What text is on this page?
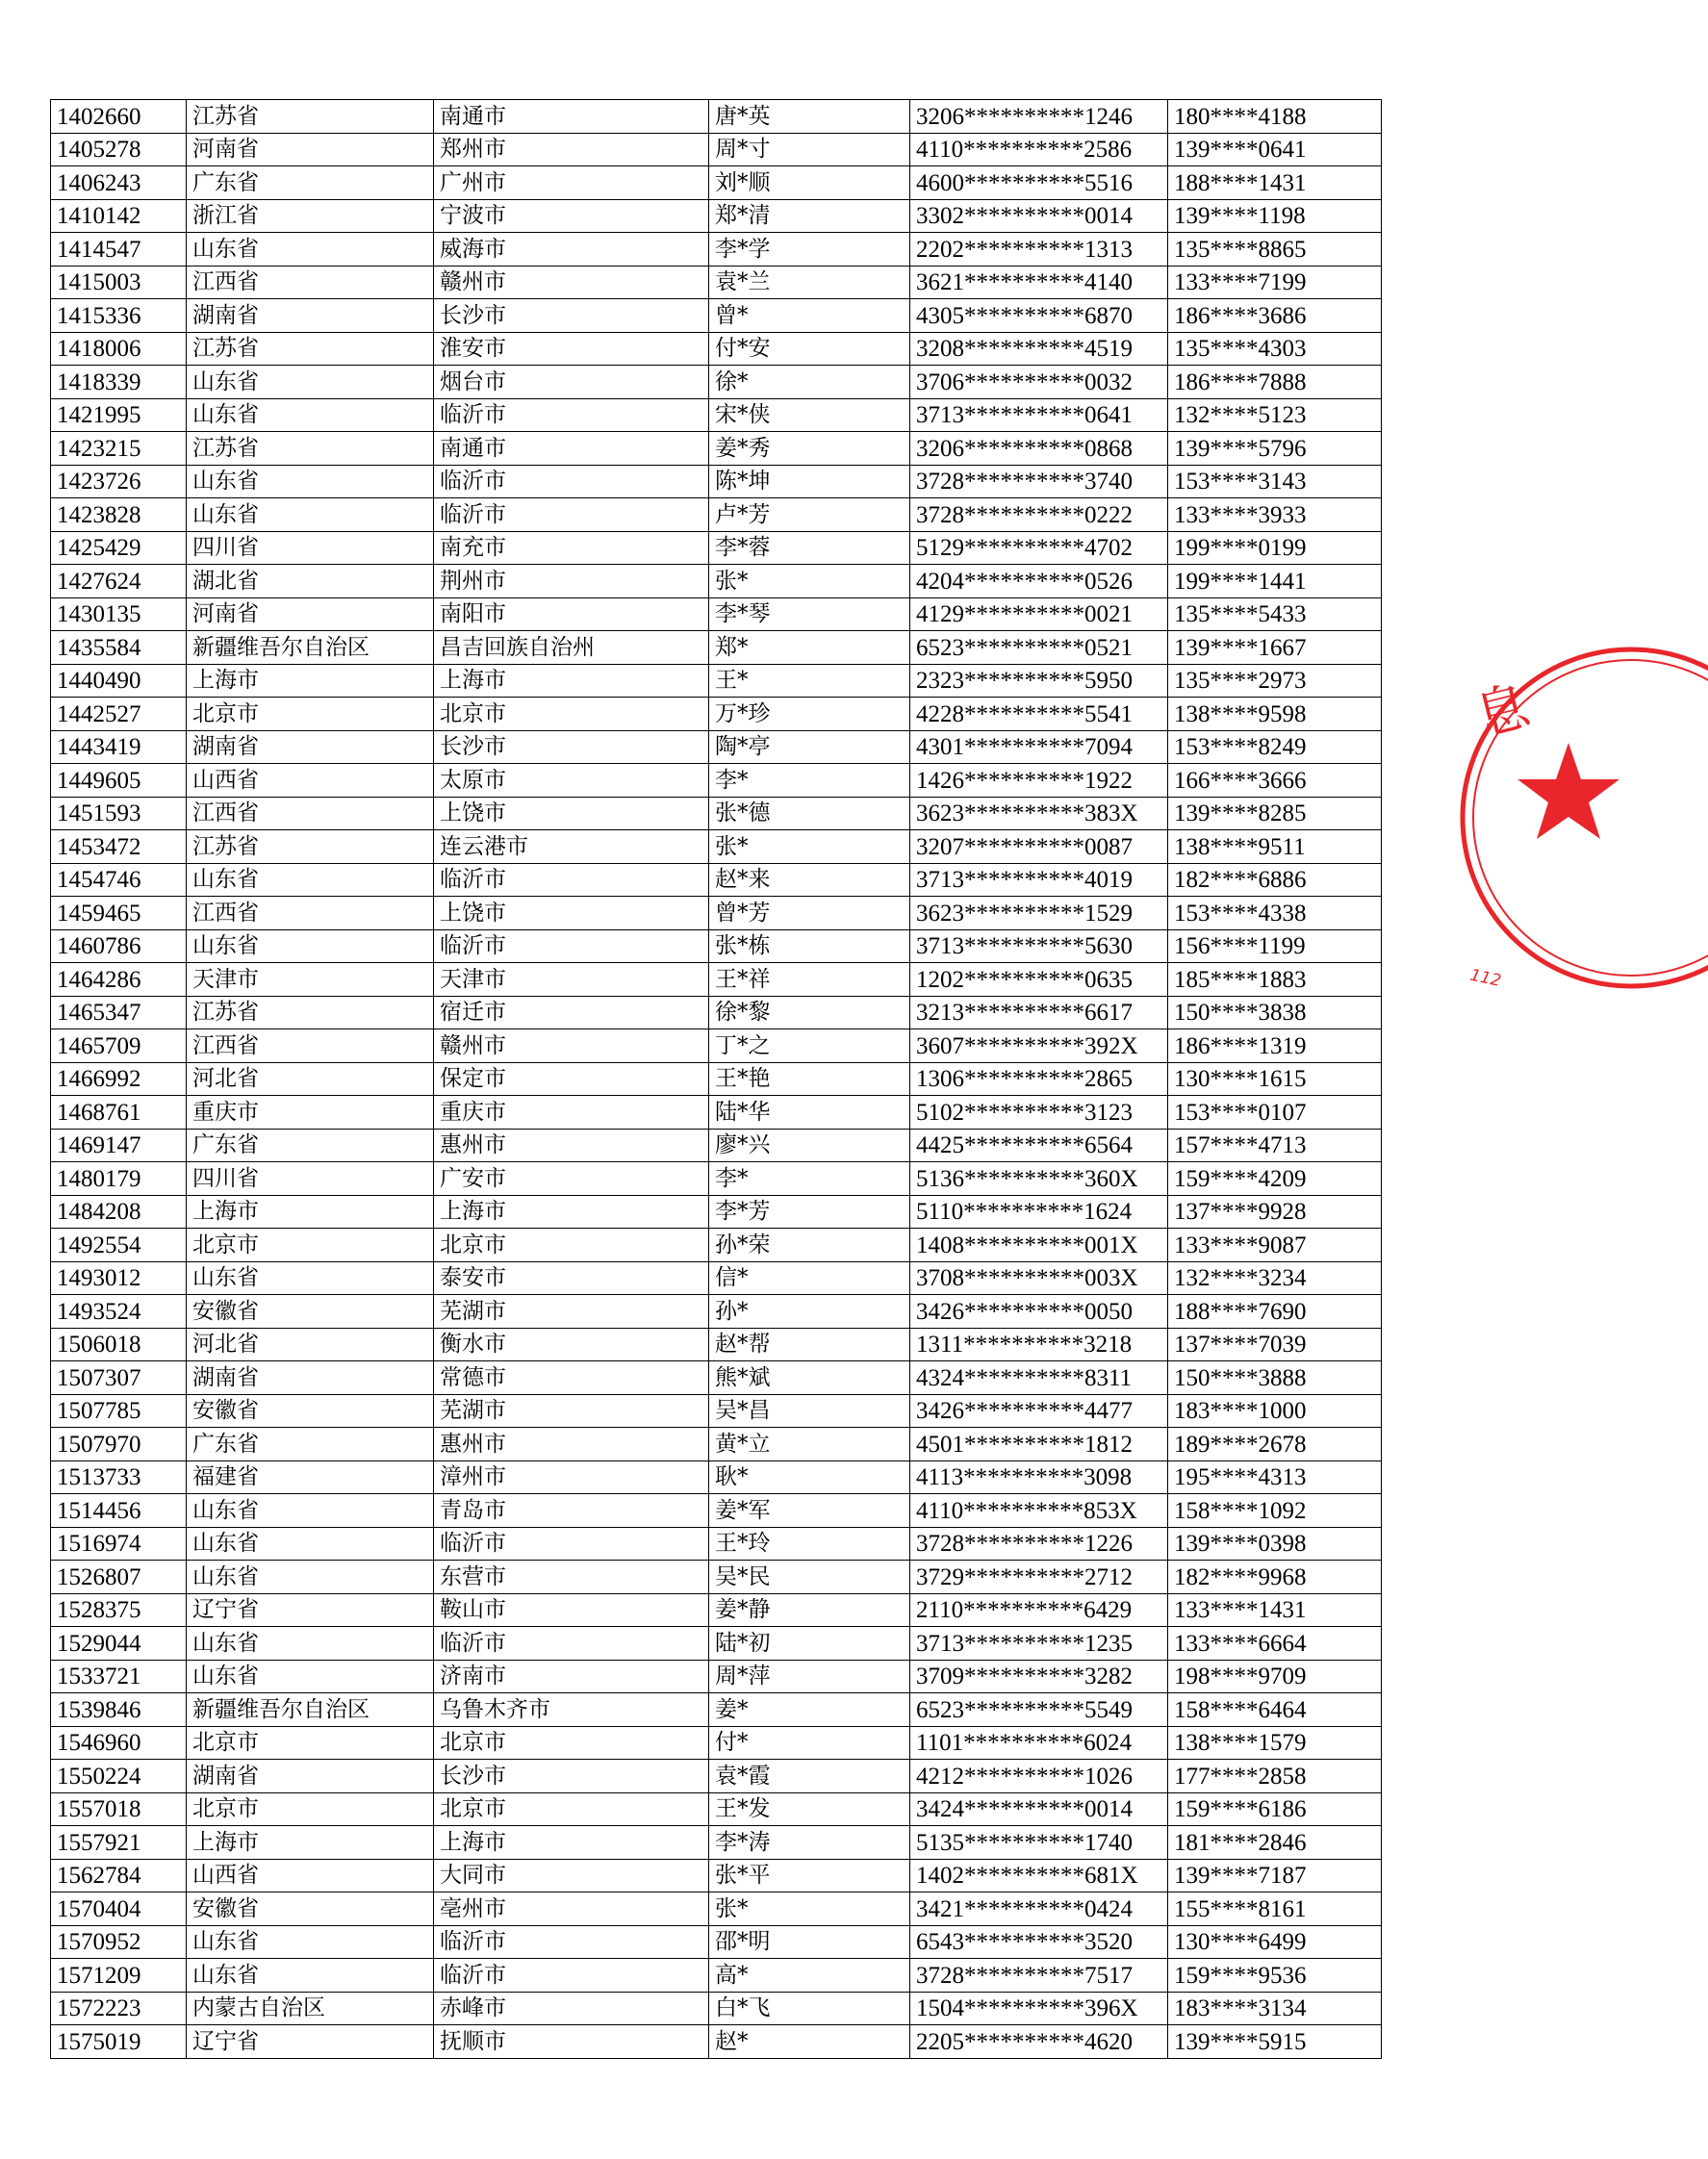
1402660	江苏省	南通市	唐*英	3206**********1246	180****4188
1405278	河南省	郑州市	周*寸	4110**********2586	139****0641
1406243	广东省	广州市	刘*顺	4600**********5516	188****1431
1410142	浙江省	宁波市	郑*清	3302**********0014	139****1198
1414547	山东省	威海市	李*学	2202**********1313	135****8865
1415003	江西省	赣州市	袁*兰	3621**********4140	133****7199
1415336	湖南省	长沙市	曾*	4305**********6870	186****3686
1418006	江苏省	淮安市	付*安	3208**********4519	135****4303
1418339	山东省	烟台市	徐*	3706**********0032	186****7888
1421995	山东省	临沂市	宋*侠	3713**********0641	132****5123
1423215	江苏省	南通市	姜*秀	3206**********0868	139****5796
1423726	山东省	临沂市	陈*坤	3728**********3740	153****3143
1423828	山东省	临沂市	卢*芳	3728**********0222	133****3933
1425429	四川省	南充市	李*蓉	5129**********4702	199****0199
1427624	湖北省	荆州市	张*	4204**********0526	199****1441
1430135	河南省	南阳市	李*琴	4129**********0021	135****5433
1435584	新疆维吾尔自治区	昌吉回族自治州	郑*	6523**********0521	139****1667
1440490	上海市	上海市	王*	2323**********5950	135****2973
1442527	北京市	北京市	万*珍	4228**********5541	138****9598
1443419	湖南省	长沙市	陶*亭	4301**********7094	153****8249
1449605	山西省	太原市	李*	1426**********1922	166****3666
1451593	江西省	上饶市	张*德	3623**********383X	139****8285
1453472	江苏省	连云港市	张*	3207**********0087	138****9511
1454746	山东省	临沂市	赵*来	3713**********4019	182****6886
1459465	江西省	上饶市	曾*芳	3623**********1529	153****4338
1460786	山东省	临沂市	张*栋	3713**********5630	156****1199
1464286	天津市	天津市	王*祥	1202**********0635	185****1883
1465347	江苏省	宿迁市	徐*黎	3213**********6617	150****3838
1465709	江西省	赣州市	丁*之	3607**********392X	186****1319
1466992	河北省	保定市	王*艳	1306**********2865	130****1615
1468761	重庆市	重庆市	陆*华	5102**********3123	153****0107
1469147	广东省	惠州市	廖*兴	4425**********6564	157****4713
1480179	四川省	广安市	李*	5136**********360X	159****4209
1484208	上海市	上海市	李*芳	5110**********1624	137****9928
1492554	北京市	北京市	孙*荣	1408**********001X	133****9087
1493012	山东省	泰安市	信*	3708**********003X	132****3234
1493524	安徽省	芜湖市	孙*	3426**********0050	188****7690
1506018	河北省	衡水市	赵*帮	1311**********3218	137****7039
1507307	湖南省	常德市	熊*斌	4324**********8311	150****3888
1507785	安徽省	芜湖市	吴*昌	3426**********4477	183****1000
1507970	广东省	惠州市	黄*立	4501**********1812	189****2678
1513733	福建省	漳州市	耿*	4113**********3098	195****4313
1514456	山东省	青岛市	姜*军	4110**********853X	158****1092
1516974	山东省	临沂市	王*玲	3728**********1226	139****0398
1526807	山东省	东营市	吴*民	3729**********2712	182****9968
1528375	辽宁省	鞍山市	姜*静	2110**********6429	133****1431
1529044	山东省	临沂市	陆*初	3713**********1235	133****6664
1533721	山东省	济南市	周*萍	3709**********3282	198****9709
1539846	新疆维吾尔自治区	乌鲁木齐市	姜*	6523**********5549	158****6464
1546960	北京市	北京市	付*	1101**********6024	138****1579
1550224	湖南省	长沙市	袁*霞	4212**********1026	177****2858
1557018	北京市	北京市	王*发	3424**********0014	159****6186
1557921	上海市	上海市	李*涛	5135**********1740	181****2846
1562784	山西省	大同市	张*平	1402**********681X	139****7187
1570404	安徽省	亳州市	张*	3421**********0424	155****8161
1570952	山东省	临沂市	邵*明	6543**********3520	130****6499
1571209	山东省	临沂市	高*	3728**********7517	159****9536
1572223	内蒙古自治区	赤峰市	白*飞	1504**********396X	183****3134
1575019	辽宁省	抚顺市	赵*	2205**********4620	139****5915
息
112
